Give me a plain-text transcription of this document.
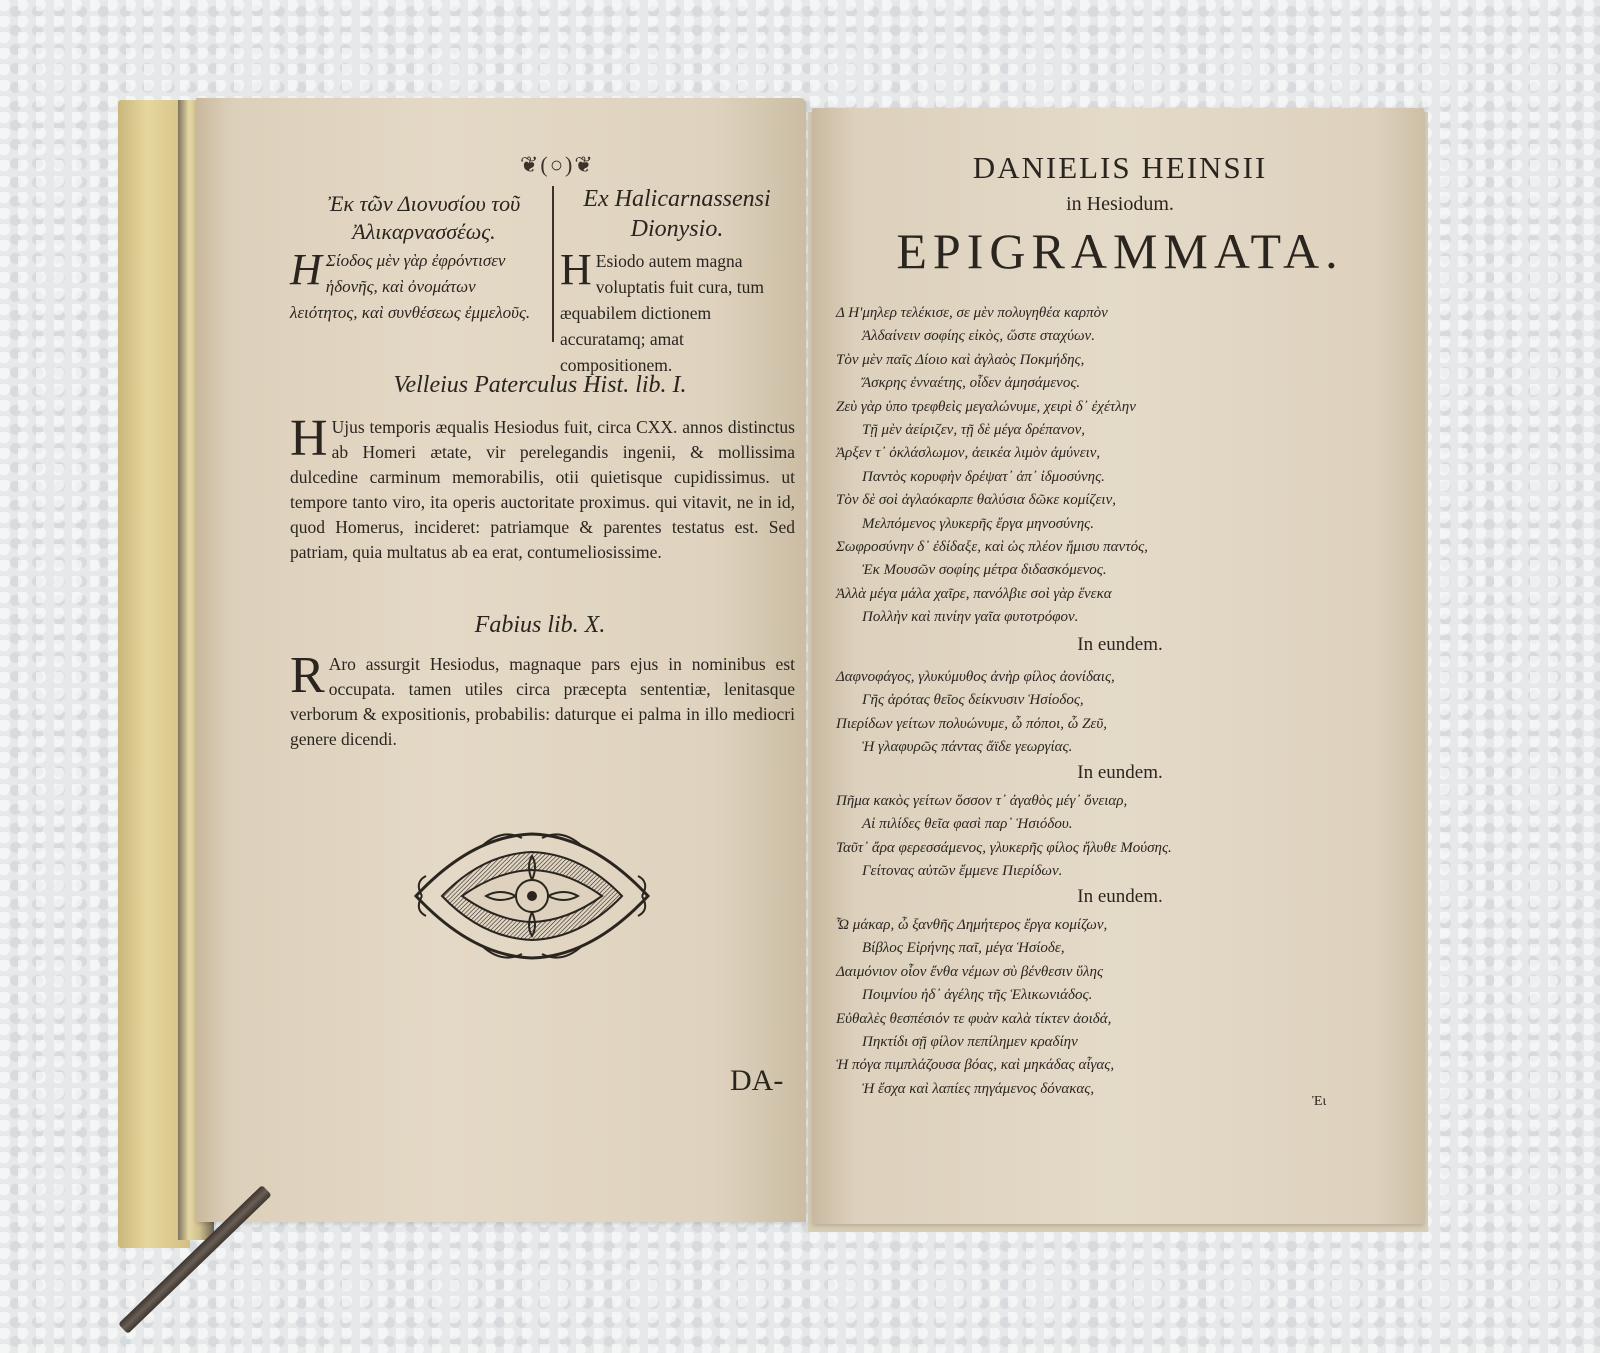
❦(○)❦
Ἐκ τῶν Διονυσίου τοῦ Ἀλικαρνασσέως.
Ex Halicarnassensi Dionysio.
H Σίοδος μὲν γὰρ ἐφρόντισεν ἡδονῆς, καὶ ὀνομάτων λειότητος, καὶ συνθέσεως ἐμμελοῦς.
H Esiodo autem magna voluptatis fuit cura, tum æquabilem dictionem accuratamq; amat compositionem.
Velleius Paterculus Hist. lib. I.
H Ujus temporis æqualis Hesiodus fuit, circa CXX. annos distinctus ab Homeri ætate, vir perelegandis ingenii, & mollissima dulcedine carminum memorabilis, otii quietisque cupidissimus. ut tempore tanto viro, ita operis auctoritate proximus. qui vitavit, ne in id, quod Homerus, incideret: patriamque & parentes testatus est. Sed patriam, quia multatus ab ea erat, contumeliosissime.
Fabius lib. X.
R Aro assurgit Hesiodus, magnaque pars ejus in nominibus est occupata. tamen utiles circa præcepta sententiæ, lenitasque verborum & expositionis, probabilis: daturque ei palma in illo mediocri genere dicendi.
DA-
DANIELIS HEINSII
in Hesiodum.
EPIGRAMMATA.
Δ Η'μηλερ τελέκισε, σε μὲν πολυγηθέα καρπὸν
Ἀλδαίνειν σοφίης εἰκὸς, ὥστε σταχύων.
Τὸν μὲν παῖς Δίοιο καὶ ἀγλαὸς Ποκμήδης,
Ἄσκρης ἐνναέτης, οἶδεν ἀμησάμενος.
Ζεὺ γὰρ ὑπο τρεφθεὶς μεγαλώνυμε, χειρὶ δ᾽ ἐχέτλην
Τῇ μὲν ἀείριζεν, τῇ δὲ μέγα δρέπανον,
Ἀρξεν τ᾽ ὀκλάσλωμον, ἀεικέα λιμὸν ἀμύνειν,
Παντὸς κορυφὴν δρέψατ᾽ ἀπ᾽ ἰδμοσύνης.
Τὸν δὲ σοὶ ἀγλαόκαρπε θαλύσια δῶκε κομίζειν,
Μελπόμενος γλυκερῆς ἔργα μηνοσύνης.
Σωφροσύνην δ᾽ ἐδίδαξε, καὶ ὡς πλέον ἥμισυ παντός,
Ἐκ Μουσῶν σοφίης μέτρα διδασκόμενος.
Ἀλλὰ μέγα μάλα χαῖρε, πανόλβιε σοὶ γὰρ ἕνεκα
Πολλὴν καὶ πινίην γαῖα φυτοτρόφον.
In eundem.
Δαφνοφάγος, γλυκύμυθος ἀνὴρ φίλος ἀονίδαις,
Γῆς ἀρότας θεῖος δείκνυσιν Ἡσίοδος,
Πιερίδων γείτων πολυώνυμε, ὦ πόποι, ὦ Ζεῦ,
Ἡ γλαφυρῶς πάντας ἄϊδε γεωργίας.
In eundem.
Πῆμα κακὸς γείτων ὅσσον τ᾽ ἀγαθὸς μέγ᾽ ὄνειαρ,
Αἱ πιλίδες θεῖα φασὶ παρ᾽ Ἡσιόδου.
Ταῦτ᾽ ἄρα φερεσσάμενος, γλυκερῆς φίλος ἤλυθε Μούσης.
Γείτονας αὐτῶν ἔμμενε Πιερίδων.
In eundem.
Ὦ μάκαρ, ὦ ξανθῆς Δημήτερος ἔργα κομίζων,
Βίβλος Εἰρήνης παῖ, μέγα Ἡσίοδε,
Δαιμόνιον οἷον ἔνθα νέμων σὺ βένθεσιν ὕλης
Ποιμνίου ἠδ᾽ ἀγέλης τῆς Ἑλικωνιάδος.
Εὐθαλὲς θεσπέσιόν τε φυὰν καλὰ τίκτεν ἀοιδά,
Πηκτίδι σῇ φίλον πεπίλημεν κραδίην
Ἡ πόγα πιμπλάζουσα βόας, καὶ μηκάδας αἶγας,
Ἡ ἔσχα καὶ λαπίες πηγάμενος δόνακας,
Ἐι
